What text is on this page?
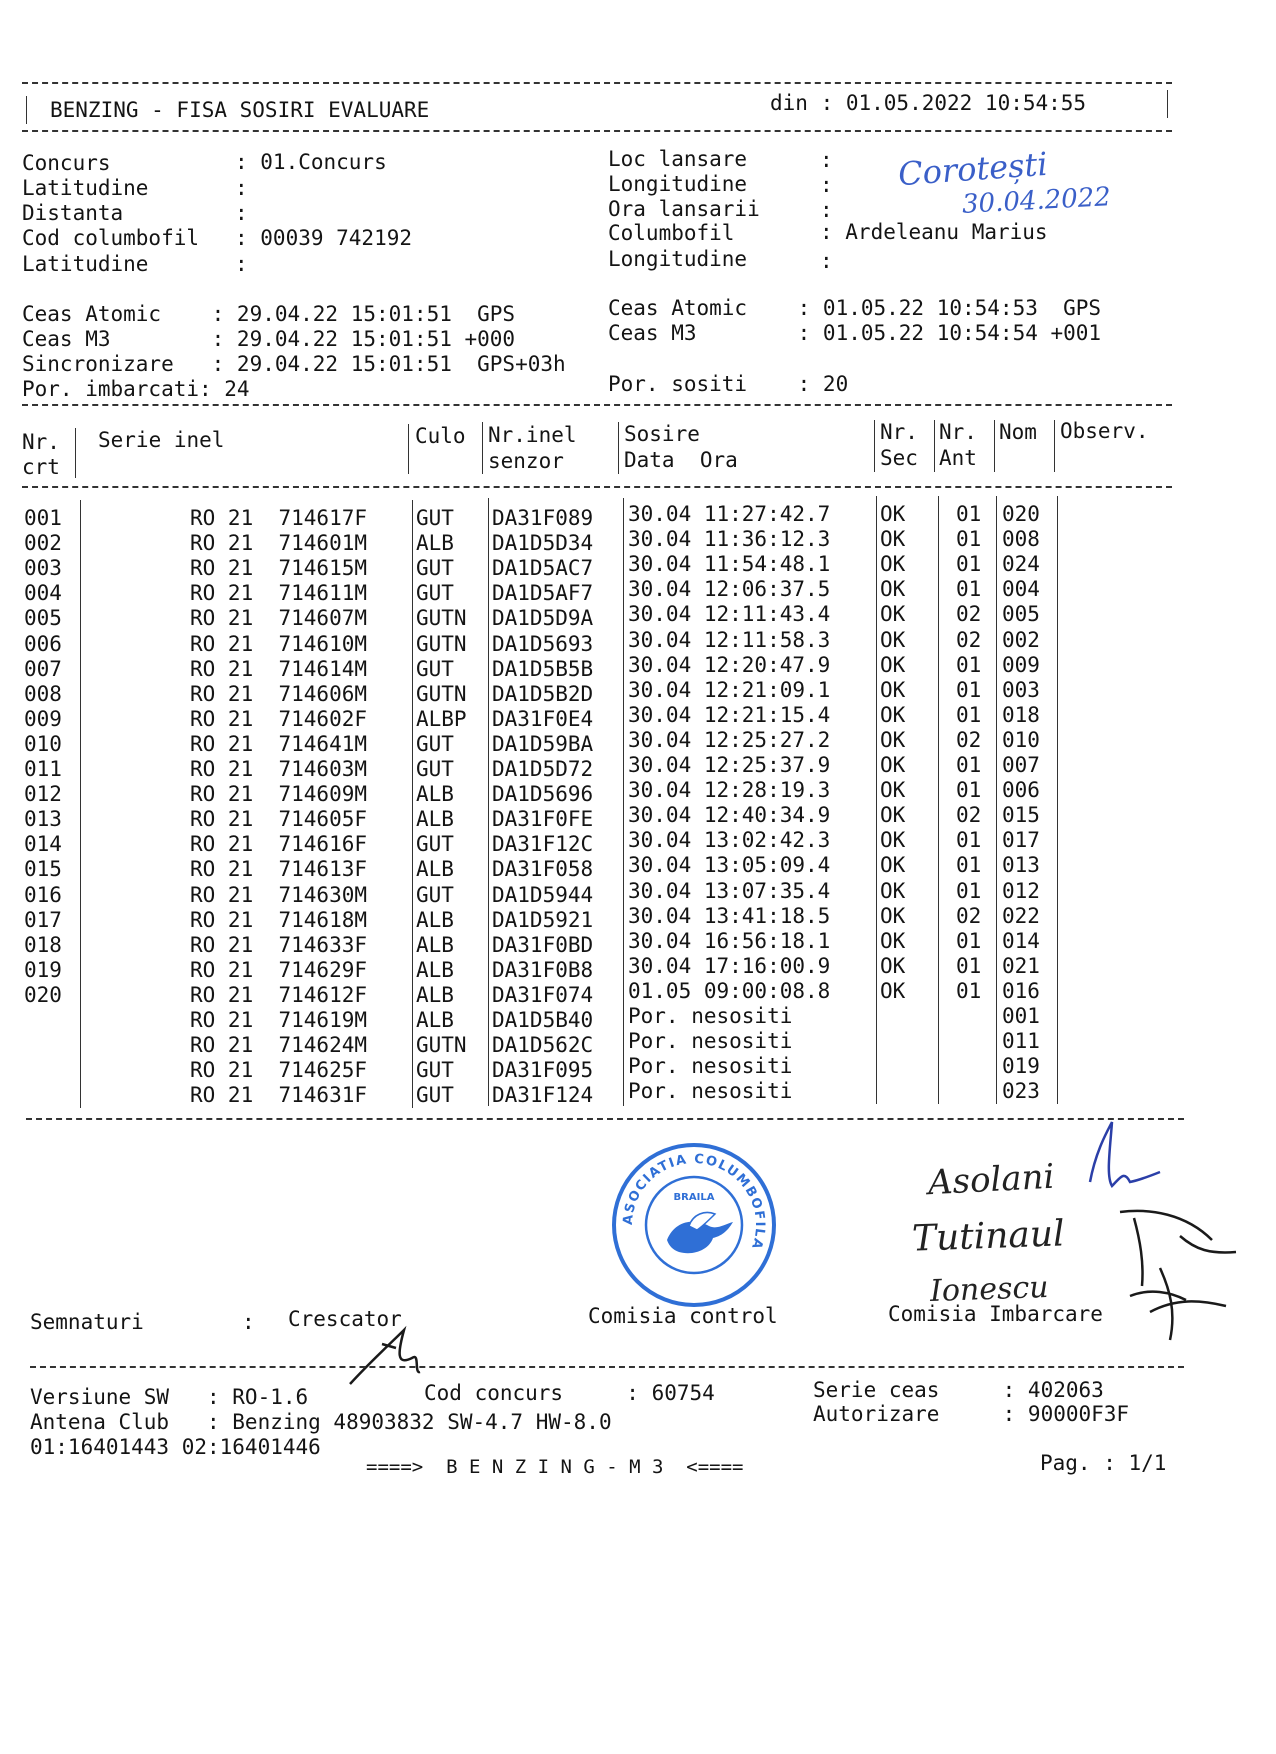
BENZING - FISA SOSIRI EVALUARE	din : 01.05.2022 10:54:55
Concurs : 01.Concurs
Latitudine :
Distanta :
Cod columbofil : 00039 742192
Latitudine :
Loc lansare	:
Longitudine	:
Ora lansarii	:
Columbofil	: Ardeleanu Marius
Longitudine	:
Corotești
30.04.2022
Ceas Atomic    : 29.04.22 15:01:51  GPS
Ceas M3        : 29.04.22 15:01:51 +000
Sincronizare   : 29.04.22 15:01:51  GPS+03h
Por. imbarcati: 24
Ceas Atomic    : 01.05.22 10:54:53  GPS
Ceas M3        : 01.05.22 10:54:54 +001
Por. sositi    : 20
Nr.
crt
Serie inel	Culo Nr.inel
senzor
Sosire
Data  Ora
Nr.
Sec
Nr.
Ant
Nom Observ.
001	RO 21  714617F GUT DA31F089 30.04 11:27:42.7 OK 01 020
002	RO 21  714601M ALB DA1D5D34 30.04 11:36:12.3 OK 01 008
003	RO 21  714615M GUT DA1D5AC7 30.04 11:54:48.1 OK 01 024
004	RO 21  714611M GUT DA1D5AF7 30.04 12:06:37.5 OK 01 004
005	RO 21  714607M GUTN DA1D5D9A 30.04 12:11:43.4 OK 02 005
006	RO 21  714610M GUTN DA1D5693 30.04 12:11:58.3 OK 02 002
007	RO 21  714614M GUT DA1D5B5B 30.04 12:20:47.9 OK 01 009
008	RO 21  714606M GUTN DA1D5B2D 30.04 12:21:09.1 OK 01 003
009	RO 21  714602F ALBP DA31F0E4 30.04 12:21:15.4 OK 01 018
010	RO 21  714641M GUT DA1D59BA 30.04 12:25:27.2 OK 02 010
011	RO 21  714603M GUT DA1D5D72 30.04 12:25:37.9 OK 01 007
012	RO 21  714609M ALB DA1D5696 30.04 12:28:19.3 OK 01 006
013	RO 21  714605F ALB DA31F0FE 30.04 12:40:34.9 OK 02 015
014	RO 21  714616F GUT DA31F12C 30.04 13:02:42.3 OK 01 017
015	RO 21  714613F ALB DA31F058 30.04 13:05:09.4 OK 01 013
016	RO 21  714630M GUT DA1D5944 30.04 13:07:35.4 OK 01 012
017	RO 21  714618M ALB DA1D5921 30.04 13:41:18.5 OK 02 022
018	RO 21  714633F ALB DA31F0BD 30.04 16:56:18.1 OK 01 014
019	RO 21  714629F ALB DA31F0B8 30.04 17:16:00.9 OK 01 021
020	RO 21  714612F ALB DA31F074 01.05 09:00:08.8 OK 01 016
RO 21  714619M ALB DA1D5B40 Por. nesositi	001
RO 21  714624M GUTN DA1D562C Por. nesositi	011
RO 21  714625F GUT DA31F095 Por. nesositi	019
RO 21  714631F GUT DA31F124 Por. nesositi	023
ASOCIATIA COLUMBOFILA
BRAILA	Asolani
Tutinaul
Ionescu
Semnaturi	: Crescator	Comisia control	Comisia Imbarcare
Versiune SW   : RO-1.6	Cod concurs     : 60754	Serie ceas     : 402063
Antena Club   : Benzing 48903832 SW-4.7 HW-8.0	Autorizare     : 90000F3F
01:16401443 02:16401446
====>  B E N Z I N G - M 3  <====	Pag. : 1/1
